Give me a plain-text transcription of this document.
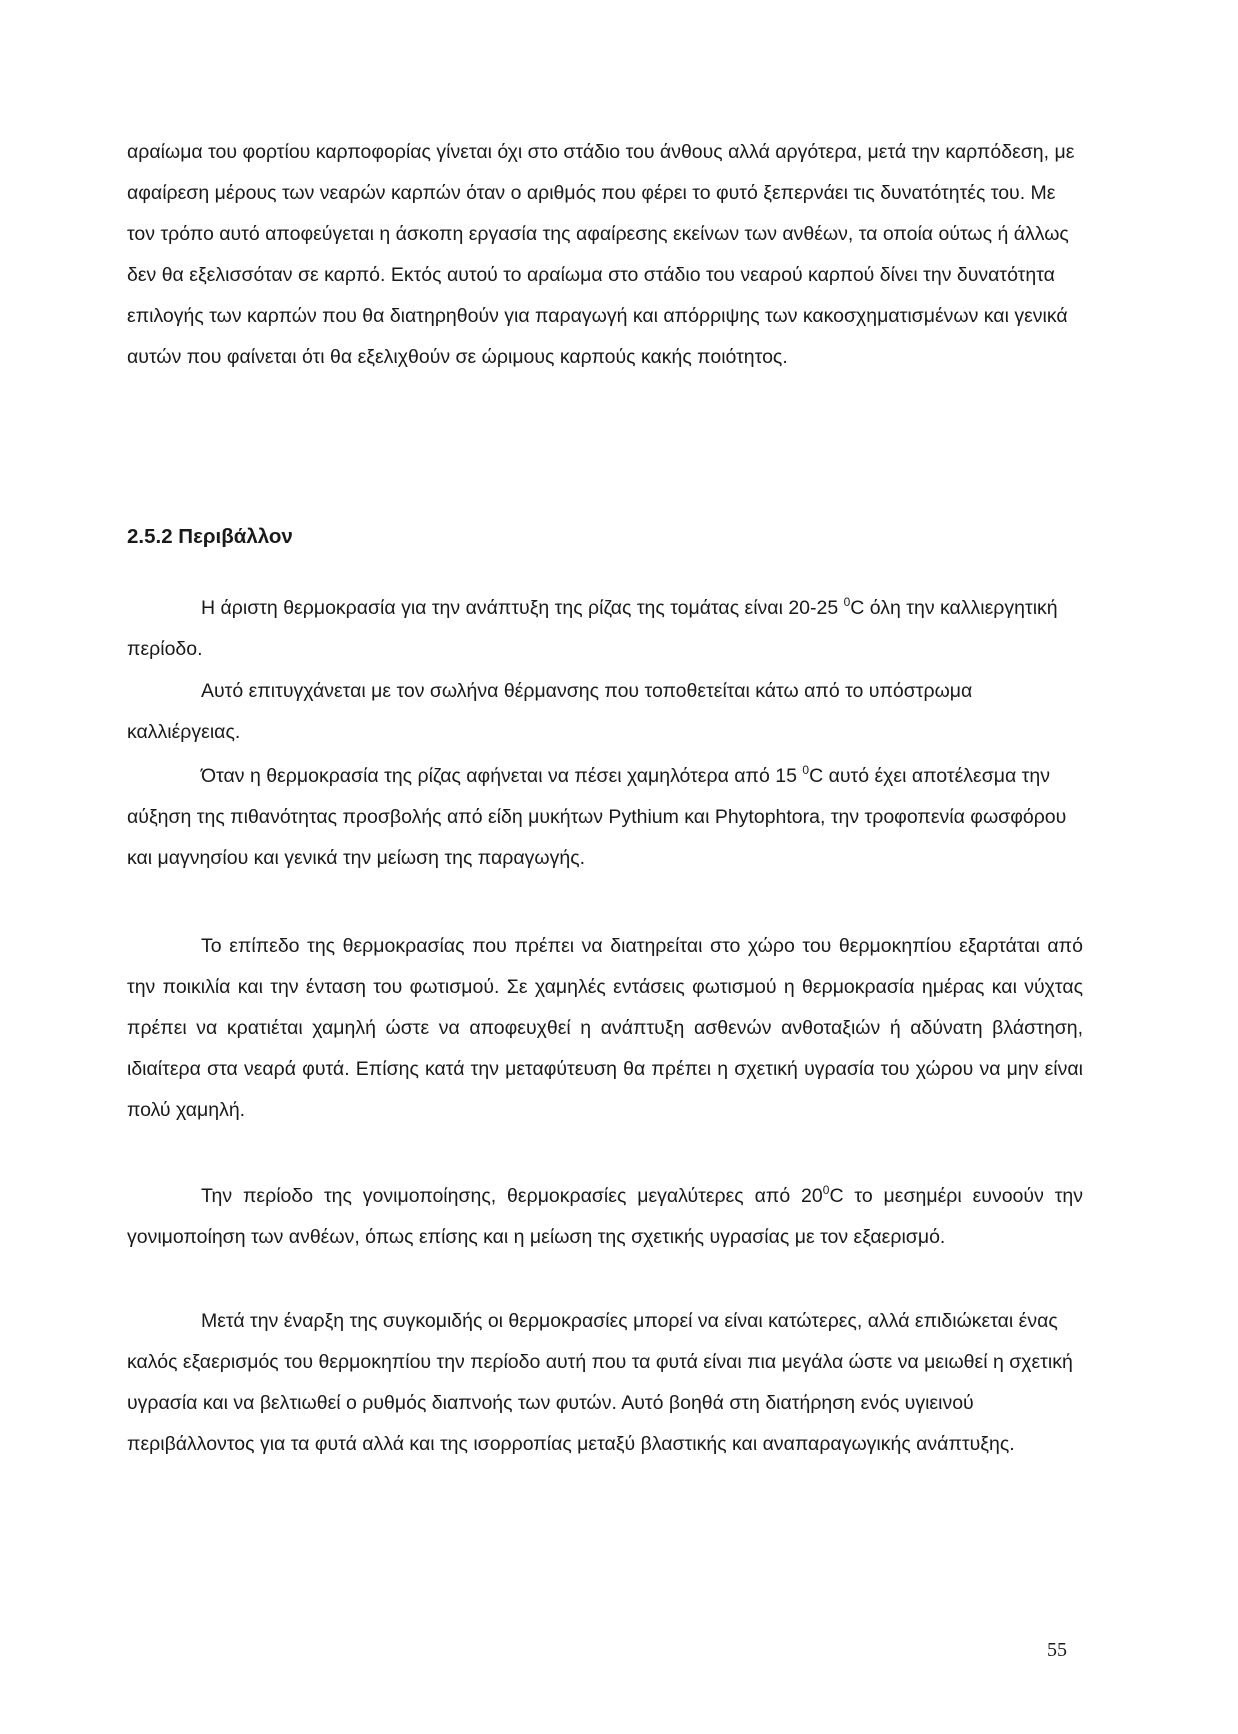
αραίωμα του φορτίου καρποφορίας γίνεται όχι στο στάδιο του άνθους αλλά αργότερα, μετά την καρπόδεση, με αφαίρεση μέρους των νεαρών καρπών όταν ο αριθμός που φέρει το φυτό ξεπερνάει τις δυνατότητές του. Με τον τρόπο αυτό αποφεύγεται η άσκοπη εργασία της αφαίρεσης εκείνων των ανθέων, τα οποία ούτως ή άλλως δεν θα εξελισσόταν σε καρπό. Εκτός αυτού το αραίωμα στο στάδιο του νεαρού καρπού δίνει την δυνατότητα επιλογής των καρπών που θα διατηρηθούν για παραγωγή και απόρριψης των κακοσχηματισμένων και γενικά αυτών που φαίνεται ότι θα εξελιχθούν σε ώριμους καρπούς κακής ποιότητος.

2.5.2 Περιβάλλον

Η άριστη θερμοκρασία για την ανάπτυξη της ρίζας της τομάτας είναι 20-25 $^0$C όλη την καλλιεργητική περίοδο.

Αυτό επιτυγχάνεται με τον σωλήνα θέρμανσης που τοποθετείται κάτω από το υπόστρωμα καλλιέργειας.

Όταν η θερμοκρασία της ρίζας αφήνεται να πέσει χαμηλότερα από 15 $^0$C αυτό έχει αποτέλεσμα την αύξηση της πιθανότητας προσβολής από είδη μυκήτων Pythium και Phytophtora, την τροφοπενία φωσφόρου και μαγνησίου και γενικά την μείωση της παραγωγής.

Το επίπεδο της θερμοκρασίας που πρέπει να διατηρείται στο χώρο του θερμοκηπίου εξαρτάται από την ποικιλία και την ένταση του φωτισμού. Σε χαμηλές εντάσεις φωτισμού η θερμοκρασία ημέρας και νύχτας πρέπει να κρατιέται χαμηλή ώστε να αποφευχθεί η ανάπτυξη ασθενών ανθοταξιών ή αδύνατη βλάστηση, ιδιαίτερα στα νεαρά φυτά. Επίσης κατά την μεταφύτευση θα πρέπει η σχετική υγρασία του χώρου να μην είναι πολύ χαμηλή.

Την περίοδο της γονιμοποίησης, θερμοκρασίες μεγαλύτερες από $20^0C$ το μεσημέρι ευνοούν την γονιμοποίηση των ανθέων, όπως επίσης και η μείωση της σχετικής υγρασίας με τον εξαερισμό.

Μετά την έναρξη της συγκομιδής οι θερμοκρασίες μπορεί να είναι κατώτερες, αλλά επιδιώκεται ένας καλός εξαερισμός του θερμοκηπίου την περίοδο αυτή που τα φυτά είναι πια μεγάλα ώστε να μειωθεί η σχετική υγρασία και να βελτιωθεί ο ρυθμός διαπνοής των φυτών. Αυτό βοηθά στη διατήρηση ενός υγιεινού περιβάλλοντος για τα φυτά αλλά και της ισορροπίας μεταξύ βλαστικής και αναπαραγωγικής ανάπτυξης.

55
